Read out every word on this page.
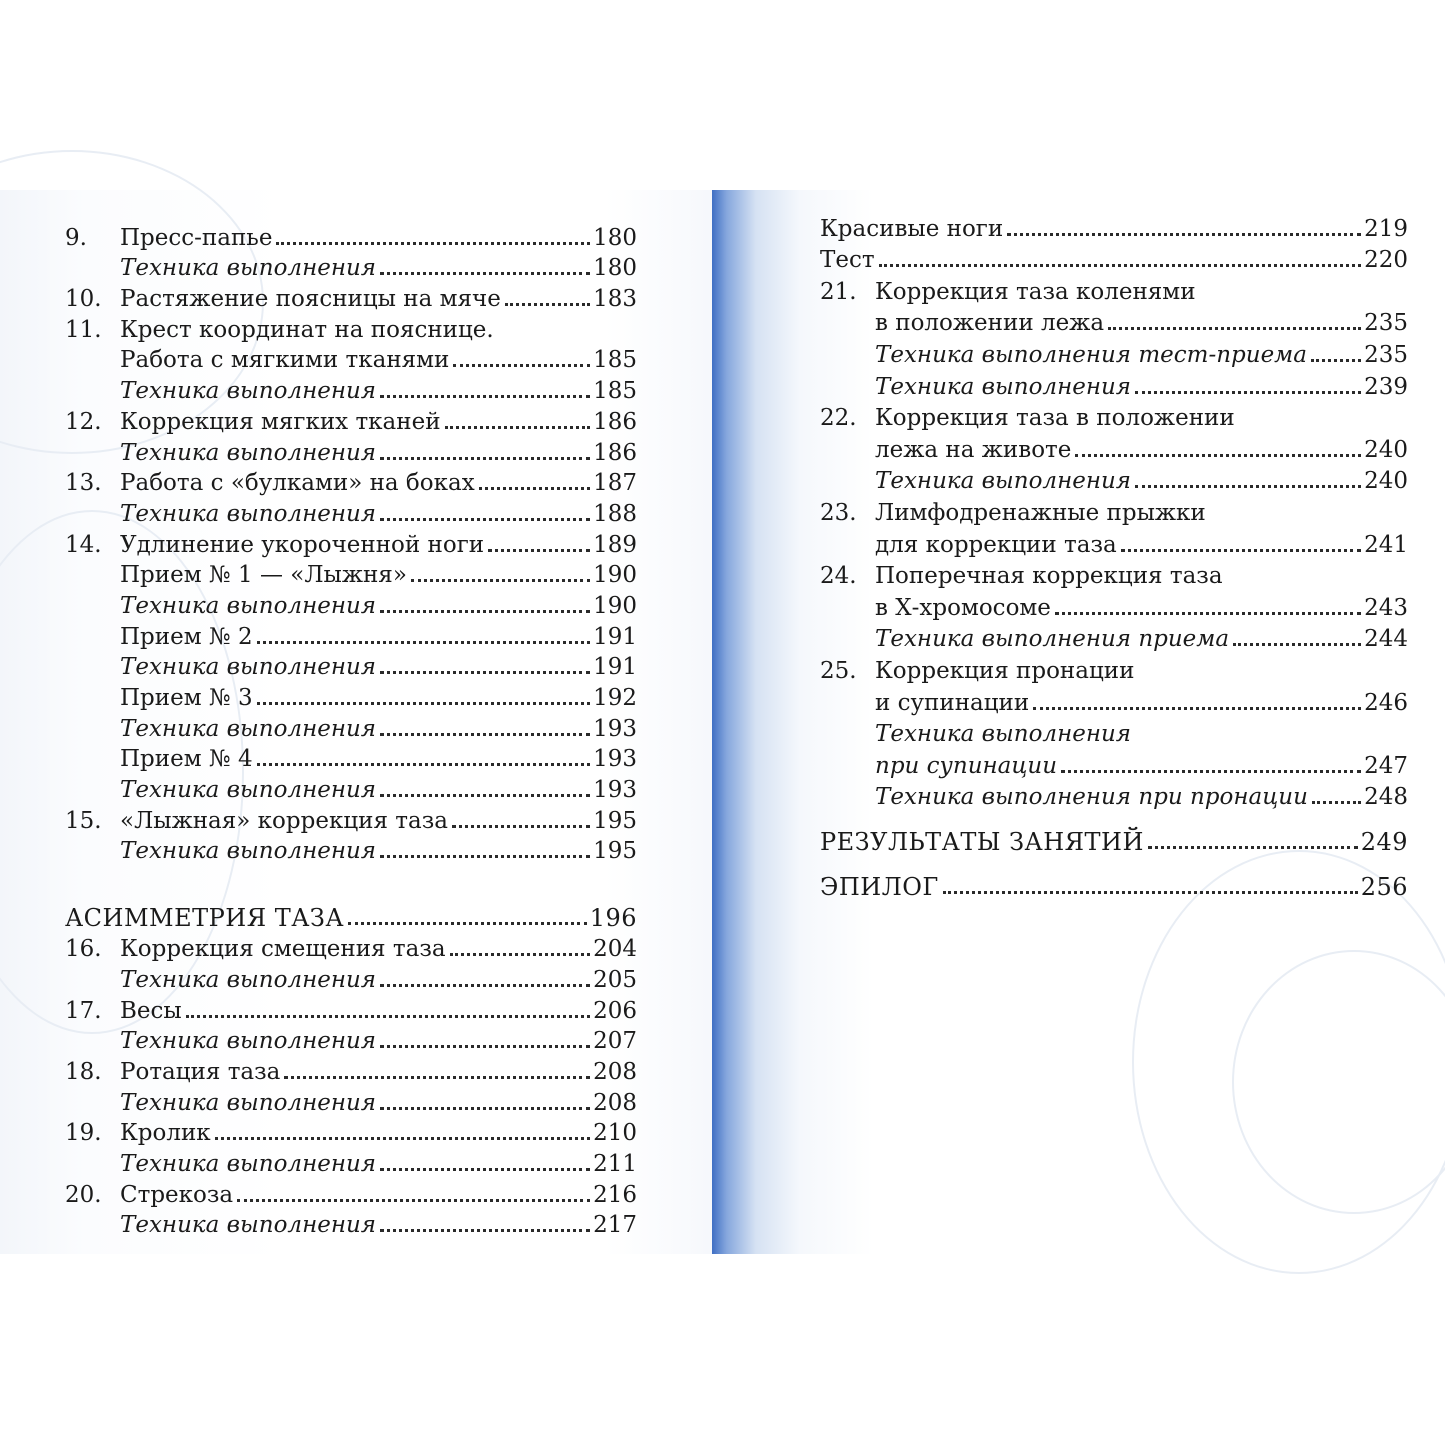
9.	Пресс-папье	180
Техника выполнения	180
10. Растяжение поясницы на мяче	183
11. Крест координат на пояснице.
Работа с мягкими тканями	185
Техника выполнения	185
12. Коррекция мягких тканей	186
Техника выполнения	186
13. Работа с «булками» на боках	187
Техника выполнения	188
14. Удлинение укороченной ноги	189
Прием № 1 — «Лыжня»	190
Техника выполнения	190
Прием № 2	191
Техника выполнения	191
Прием № 3	192
Техника выполнения	193
Прием № 4	193
Техника выполнения	193
15. «Лыжная» коррекция таза	195
Техника выполнения	195
АСИММЕТРИЯ ТАЗА	196
16. Коррекция смещения таза	204
Техника выполнения	205
17. Весы	206
Техника выполнения	207
18. Ротация таза	208
Техника выполнения	208
19. Кролик	210
Техника выполнения	211
20. Стрекоза	216
Техника выполнения	217
Красивые ноги	219
Тест	220
21. Коррекция таза коленями
в положении лежа	235
Техника выполнения тест-приема 235
Техника выполнения	239
22. Коррекция таза в положении
лежа на животе	240
Техника выполнения	240
23. Лимфодренажные прыжки
для коррекции таза	241
24. Поперечная коррекция таза
в Х-хромосоме	243
Техника выполнения приема	244
25. Коррекция пронации
и супинации	246
Техника выполнения
при супинации	247
Техника выполнения при пронации 248
РЕЗУЛЬТАТЫ ЗАНЯТИЙ	249
ЭПИЛОГ	256
